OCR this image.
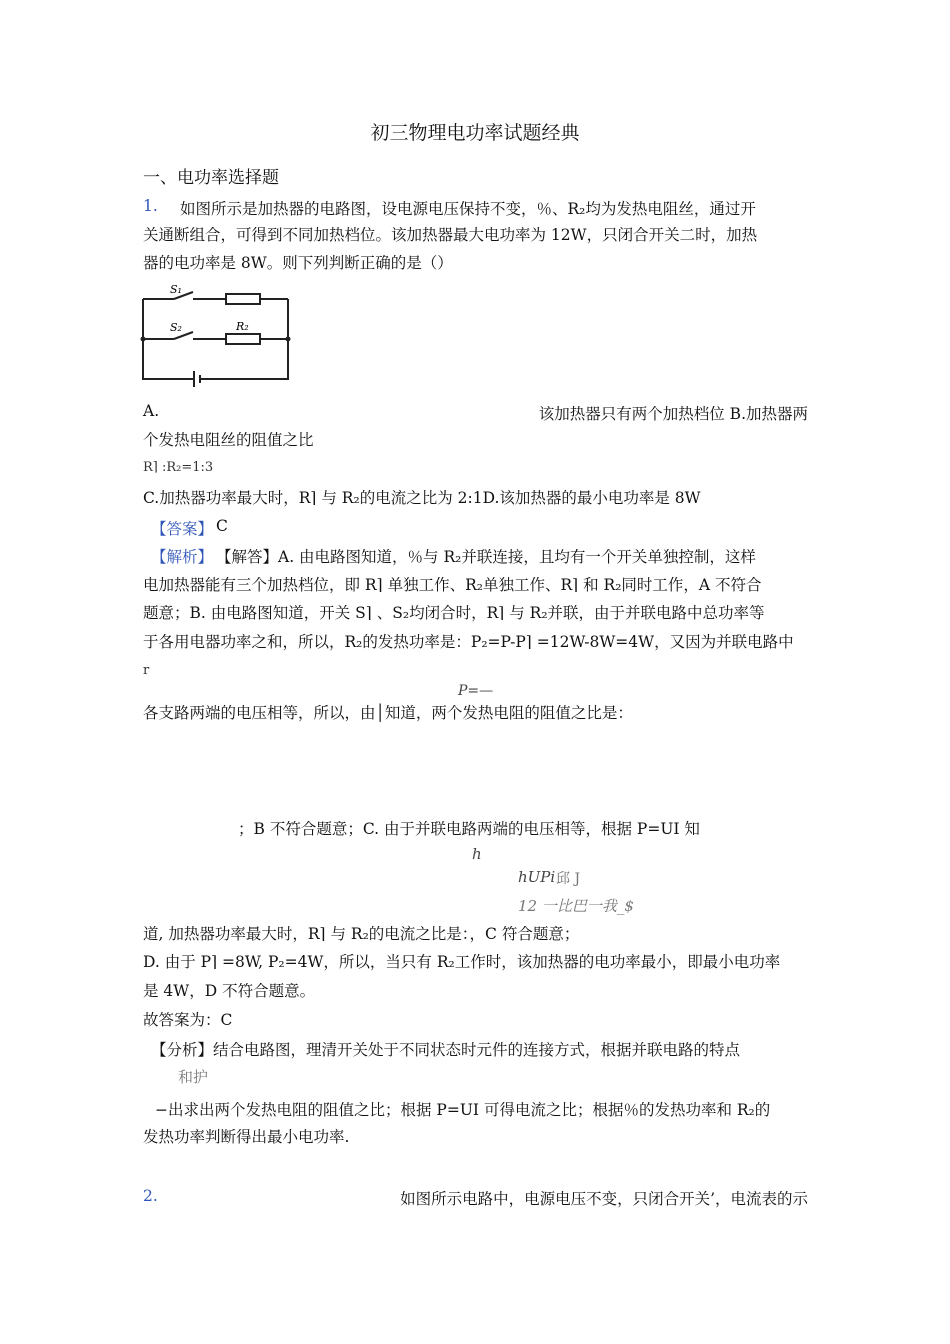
初三物理电功率试题经典
一、电功率选择题
1. 如图所示是加热器的电路图，设电源电压保持不变，％、R₂均为发热电阻丝，通过开
关通断组合，可得到不同加热档位。该加热器最大电功率为 12W，只闭合开关二时，加热
器的电功率是 8W。则下列判断正确的是（）
S₁
S₂	R₂
A.	该加热器只有两个加热档位 B.加热器两
个发热电阻丝的阻值之比
R⌉ :R₂=1:3
C.加热器功率最大时，R⌉ 与 R₂的电流之比为 2:1D.该加热器的最小电功率是 8W
【答案】 C
【解析】 【解答】A. 由电路图知道，％与 R₂并联连接，且均有一个开关单独控制，这样
电加热器能有三个加热档位，即 R⌉ 单独工作、R₂单独工作、R⌉ 和 R₂同时工作，A 不符合
题意；B. 由电路图知道，开关 S⌉ 、S₂均闭合时，R⌉ 与 R₂并联，由于并联电路中总功率等
于各用电器功率之和，所以，R₂的发热功率是：P₂=P-P⌉ =12W-8W=4W，又因为并联电路中
r
P=—
各支路两端的电压相等，所以，由│知道，两个发热电阻的阻值之比是：
；B 不符合题意；C. 由于并联电路两端的电压相等，根据 P=UI 知
h
hUPi 邱 J
12 一比巴一我_$
道, 加热器功率最大时，R⌉ 与 R₂的电流之比是：，C 符合题意；
D. 由于 P⌉ =8W, P₂=4W，所以，当只有 R₂工作时，该加热器的电功率最小，即最小电功率
是 4W，D 不符合题意。
故答案为：C
【分析】结合电路图，理清开关处于不同状态时元件的连接方式，根据并联电路的特点
和护
−出求出两个发热电阻的阻值之比；根据 P=UI 可得电流之比；根据％的发热功率和 R₂的
发热功率判断得出最小电功率.
2.	如图所示电路中，电源电压不变，只闭合开关’，电流表的示
